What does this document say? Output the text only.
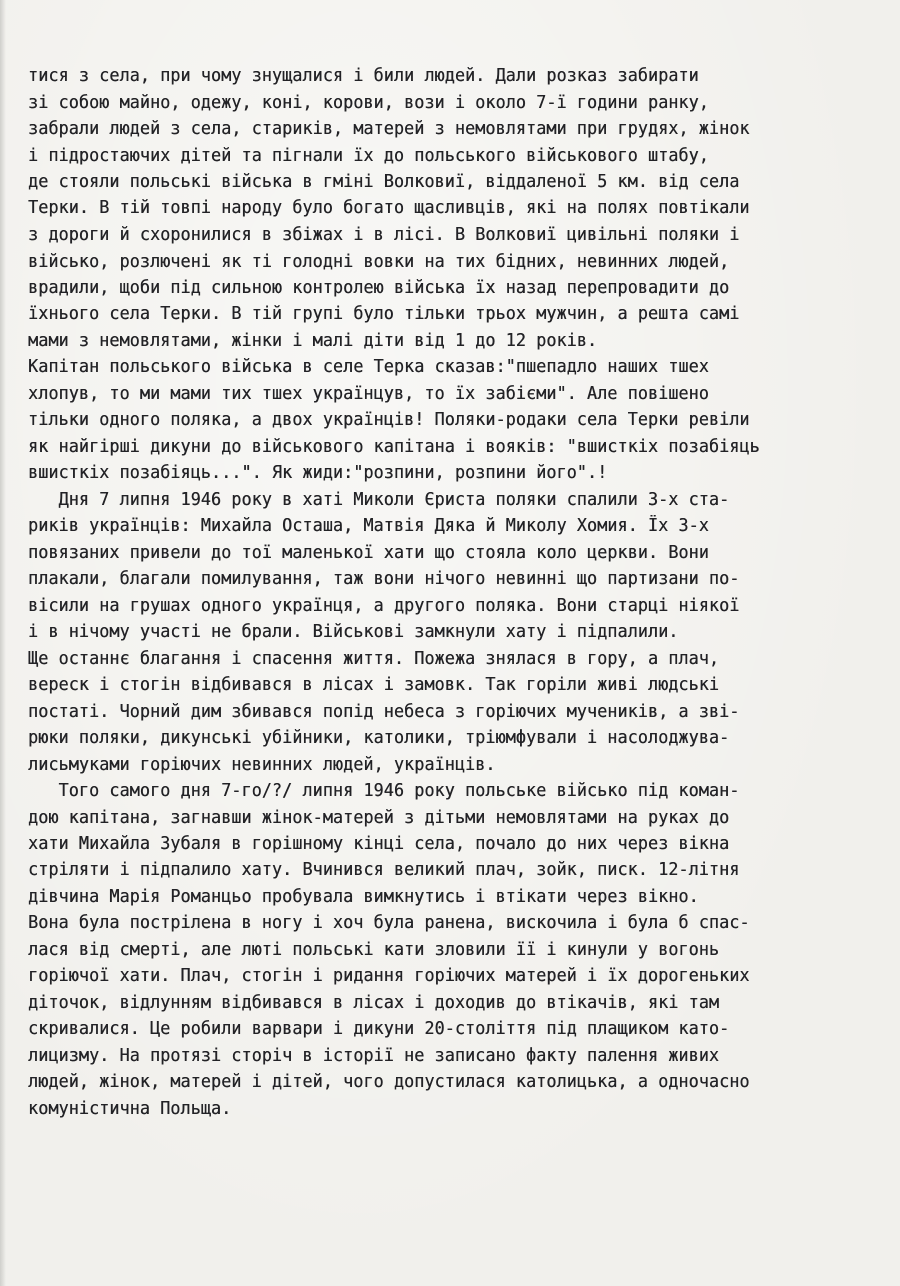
тися з села, при чому знущалися і били людей. Дали розказ забирати
зі собою майно, одежу, коні, корови, вози і около 7-ї години ранку,
забрали людей з села, стариків, матерей з немовлятами при грудях, жінок
і підростаючих дітей та пігнали їх до польського військового штабу,
де стояли польські війська в гміні Волковиї, віддаленої 5 км. від села
Терки. В тій товпі народу було богато щасливців, які на полях повтікали
з дороги й схоронилися в збіжах і в лісі. В Волковиї цивільні поляки і
військо, розлючені як ті голодні вовки на тих бідних, невинних людей,
врадили, щоби під сильною контролею війська їх назад перепровадити до
їхнього села Терки. В тій групі було тільки трьох мужчин, а решта самі
мами з немовлятами, жінки і малі діти від 1 до 12 років.
Капітан польського війська в селе Терка сказав:"пшепадло наших тшех
хлопув, то ми мами тих тшех українцув, то їх забієми". Але повішено
тільки одного поляка, а двох українців! Поляки-родаки села Терки ревіли
як найгірші дикуни до військового капітана і вояків: "вшисткіх позабіяць
вшисткіх позабіяць...". Як жиди:"розпини, розпини його".!
Дня 7 липня 1946 року в хаті Миколи Єриста поляки спалили 3-х ста-
риків українців: Михайла Осташа, Матвія Дяка й Миколу Хомия. Їх 3-х
повязаних привели до тої маленької хати що стояла коло церкви. Вони
плакали, благали помилування, таж вони нічого невинні що партизани по-
вісили на грушах одного українця, а другого поляка. Вони старці ніякої
і в нічому участі не брали. Військові замкнули хату і підпалили.
Ще останнє благання і спасення життя. Пожежа знялася в гору, а плач,
вереск і стогін відбивався в лісах і замовк. Так горіли живі людські
постаті. Чорний дим збивався попід небеса з горіючих мучеників, а зві-
рюки поляки, дикунські убійники, католики, тріюмфували і насолоджува-
лисьмуками горіючих невинних людей, українців.
Того самого дня 7-го/?/ липня 1946 року польське військо під коман-
дою капітана, загнавши жінок-матерей з дітьми немовлятами на руках до
хати Михайла Зубаля в горішному кінці села, почало до них через вікна
стріляти і підпалило хату. Вчинився великий плач, зойк, писк. 12-літня
дівчина Марія Романцьо пробувала вимкнутись і втікати через вікно.
Вона була пострілена в ногу і хоч була ранена, вискочила і була б спас-
лася від смерті, але люті польські кати зловили її і кинули у вогонь
горіючої хати. Плач, стогін і ридання горіючих матерей і їх дорогеньких
діточок, відлунням відбивався в лісах і доходив до втікачів, які там
скривалися. Це робили варвари і дикуни 20-століття під плащиком като-
лицизму. На протязі сторіч в історії не записано факту палення живих
людей, жінок, матерей і дітей, чого допустилася католицька, а одночасно
комуністична Польща.
